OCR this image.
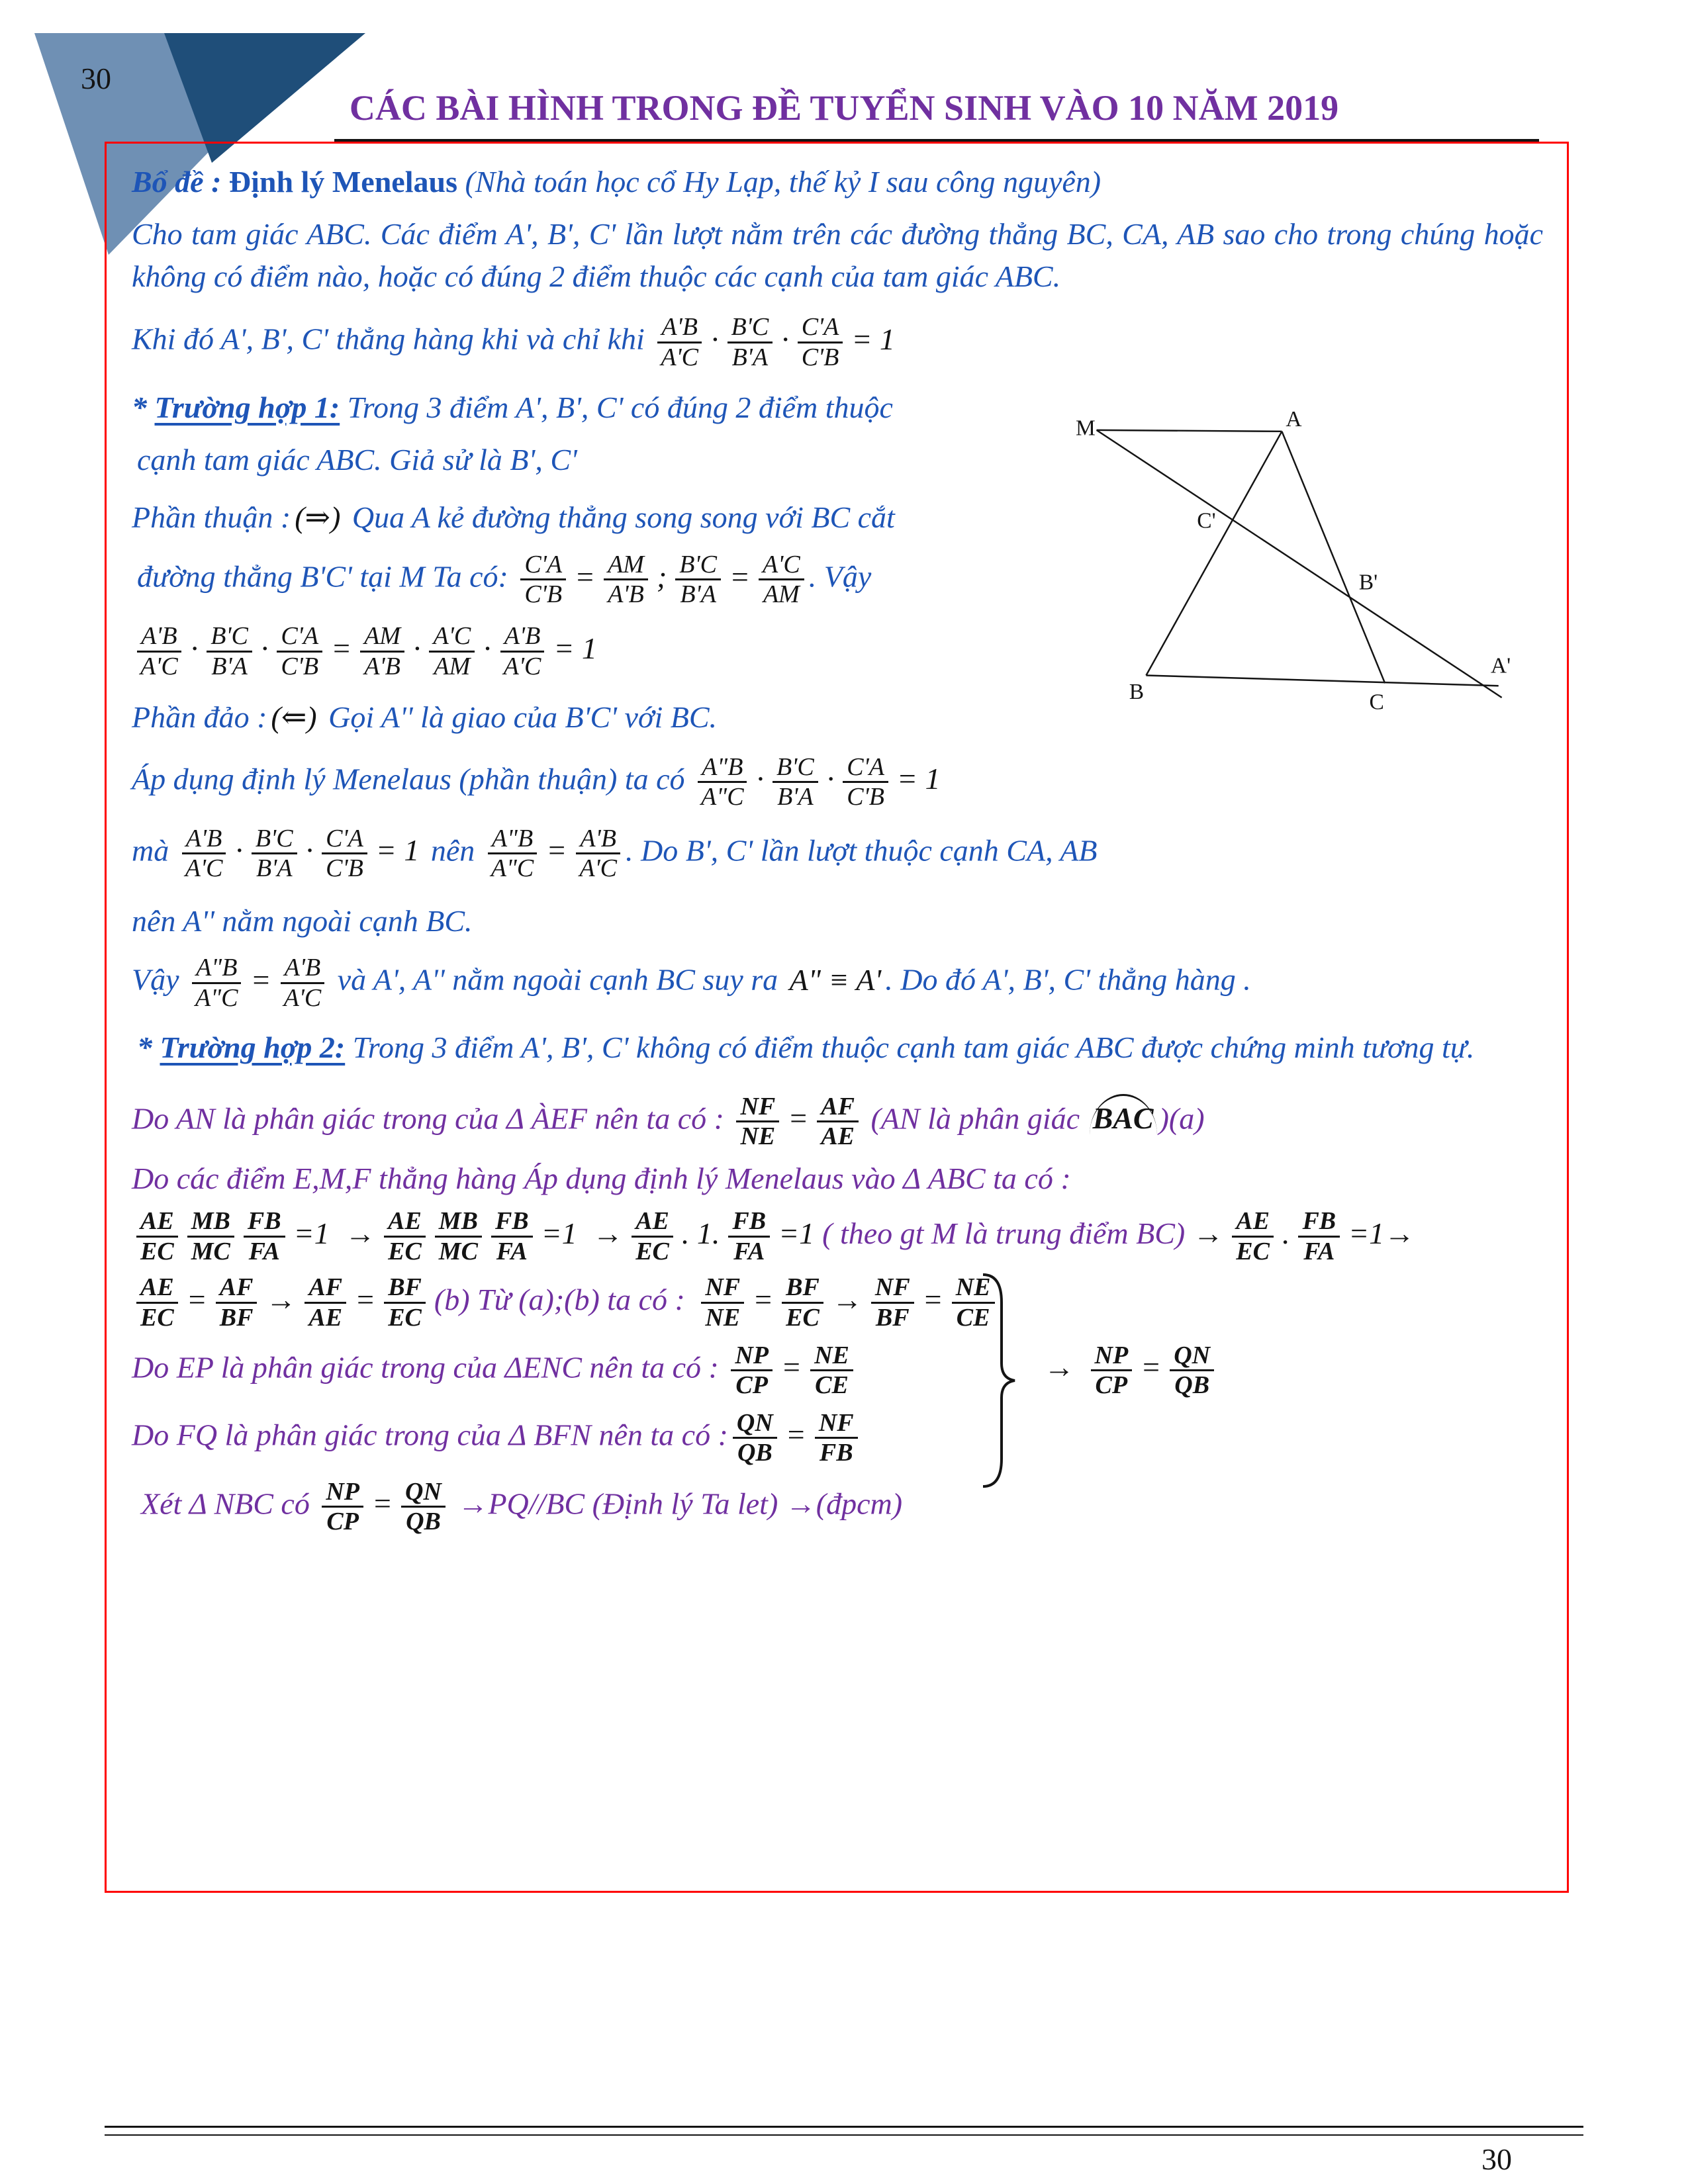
30
CÁC BÀI HÌNH TRONG ĐỀ TUYỂN SINH VÀO 10 NĂM 2019

Bổ đề : Định lý Menelaus (Nhà toán học cổ Hy Lạp, thế kỷ I sau công nguyên)

Cho tam giác ABC. Các điểm A', B', C' lần lượt nằm trên các đường thẳng BC, CA, AB sao cho trong chúng hoặc không có điểm nào, hoặc có đúng 2 điểm thuộc các cạnh của tam giác ABC.

Khi đó A', B', C' thẳng hàng khi và chỉ khi $\frac{A'B}{A'C} \cdot \frac{B'C}{B'A} \cdot \frac{C'A}{C'B} = 1$

* Trường hợp 1: Trong 3 điểm A', B', C' có đúng 2 điểm thuộc

cạnh tam giác ABC. Giả sử là B', C'

Phần thuận : (⇒) Qua A kẻ đường thẳng song song với BC cắt

đường thẳng B'C' tại M Ta có: $\frac{C'A}{C'B} = \frac{AM}{A'B}$ ; $\frac{B'C}{B'A} = \frac{A'C}{AM}$ . Vậy

$\frac{A'B}{A'C} \cdot \frac{B'C}{B'A} \cdot \frac{C'A}{C'B} = \frac{AM}{A'B} \cdot \frac{A'C}{AM} \cdot \frac{A'B}{A'C} = 1$

Phần đảo : (⇐) Gọi A'' là giao của B'C' với BC.

Áp dụng định lý Menelaus (phần thuận) ta có $\frac{A"B}{A"C} \cdot \frac{B'C}{B'A} \cdot \frac{C'A}{C'B} = 1$

mà $\frac{A'B}{A'C} \cdot \frac{B'C}{B'A} \cdot \frac{C'A}{C'B} = 1$ nên $\frac{A"B}{A"C} = \frac{A'B}{A'C}$ . Do B', C' lần lượt thuộc cạnh CA, AB

nên A'' nằm ngoài cạnh BC.

Vậy $\frac{A"B}{A"C} = \frac{A'B}{A'C}$ và A', A'' nằm ngoài cạnh BC suy ra A" ≡ A' . Do đó A', B', C' thẳng hàng .

* Trường hợp 2: Trong 3 điểm A', B', C' không có điểm thuộc cạnh tam giác ABC được chứng minh tương tự.

Do AN là phân giác trong của Δ ÀEF nên ta có : $\frac{NF}{NE} = \frac{AF}{AE} (AN$ là phân giác BAC )(a)

Do các điểm E,M,F thẳng hàng Áp dụng định lý Menelaus vào Δ ABC ta có :

$\frac{AE}{EC} \frac{MB}{MC} \frac{FB}{FA} =1 \to \frac{AE}{EC} \frac{MB}{MC} \frac{FB}{FA} =1 \to \frac{AE}{EC}$ . 1. $\frac{FB}{FA} =1$ ( theo gt M là trung điểm $BC) \to \frac{AE}{EC}$ . $\frac{FB}{FA} =1\to$

$\frac{AE}{EC} = \frac{AF}{BF} \to \frac{AF}{AE} = \frac{BF}{EC} (b)$ Từ (a);(b) ta có : $\frac{NF}{NE} = \frac{BF}{EC} \to \frac{NF}{BF} = \frac{NE}{CE}$

Do EP là phân giác trong của ΔENC nên ta có : $\frac{NP}{CP} = \frac{NE}{CE}$

Do FQ là phân giác trong của Δ BFN nên ta có : $\frac{QN}{QB} = \frac{NF}{FB}$

→ $\frac{NP}{CP} = \frac{QN}{QB}$

Xét Δ NBC có $\frac{NP}{CP} = \frac{QN}{QB} \to PQ//BC$ (Định lý Ta let) →(đpcm)

M	A
C'
B'
B	C
A'
30
